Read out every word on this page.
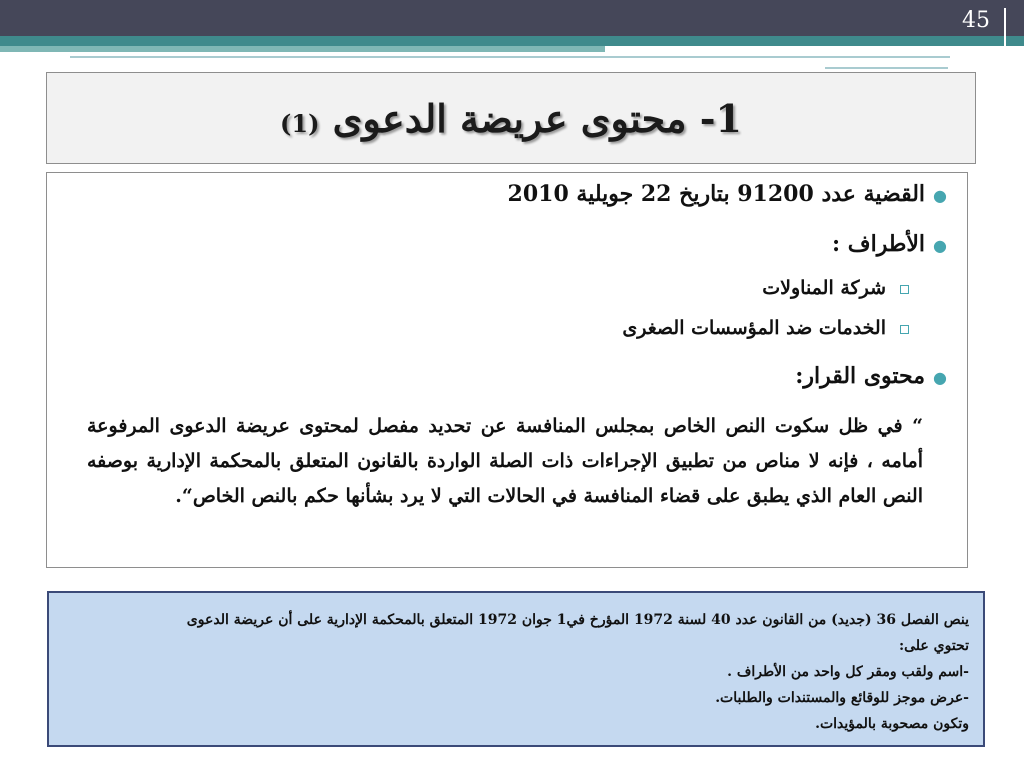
45
1- محتوى عريضة الدعوى (1)
●القضية عدد 91200 بتاريخ 22 جويلية 2010
●الأطراف :
شركة المناولات
الخدمات ضد المؤسسات الصغرى
●محتوى القرار:
“ في ظل سكوت النص الخاص بمجلس المنافسة عن تحديد مفصل لمحتوى عريضة الدعوى المرفوعة أمامه ، فإنه لا مناص من تطبيق الإجراءات ذات الصلة الواردة بالقانون المتعلق بالمحكمة الإدارية بوصفه النص العام الذي يطبق على قضاء المنافسة في الحالات التي لا يرد بشأنها حكم بالنص الخاص“.
ينص الفصل 36 (جديد) من القانون عدد 40 لسنة 1972 المؤرخ في1 جوان 1972 المتعلق بالمحكمة الإدارية على أن عريضة الدعوى
تحتوي على:
-اسم ولقب ومقر كل واحد من الأطراف .
-عرض موجز للوقائع والمستندات والطلبات.
وتكون مصحوبة بالمؤيدات.
